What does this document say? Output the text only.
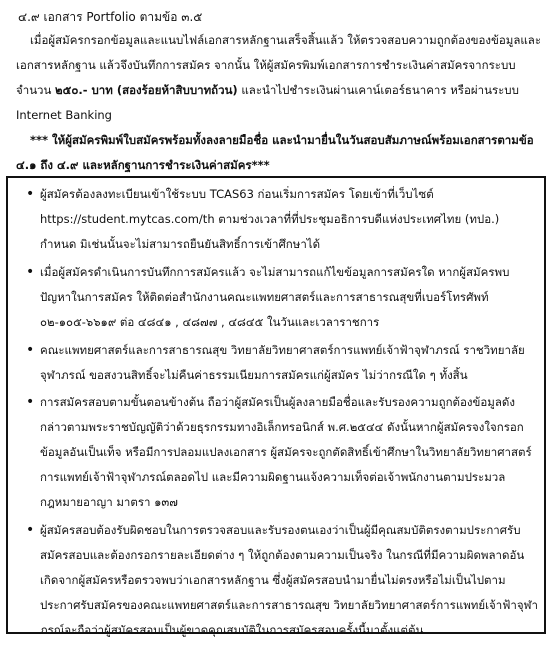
๔.๙ เอกสาร Portfolio ตามข้อ ๓.๕
เมื่อผู้สมัครกรอกข้อมูลและแนบไฟล์เอกสารหลักฐานเสร็จสิ้นแล้ว ให้ตรวจสอบความถูกต้องของข้อมูลและเอกสารหลักฐาน แล้วจึงบันทึกการสมัคร จากนั้น ให้ผู้สมัครพิมพ์เอกสารการชำระเงินค่าสมัครจากระบบจำนวน ๒๕๐.- บาท (สองร้อยห้าสิบบาทถ้วน) และนำไปชำระเงินผ่านเคาน์เตอร์ธนาคาร หรือผ่านระบบ Internet Banking
*** ให้ผู้สมัครพิมพ์ใบสมัครพร้อมทั้งลงลายมือชื่อ และนำมายื่นในวันสอบสัมภาษณ์พร้อมเอกสารตามข้อ ๔.๑ ถึง ๔.๙ และหลักฐานการชำระเงินค่าสมัคร***
• ผู้สมัครต้องลงทะเบียนเข้าใช้ระบบ TCAS63 ก่อนเริ่มการสมัคร โดยเข้าที่เว็บไซต์ https://student.mytcas.com/th ตามช่วงเวลาที่ที่ประชุมอธิการบดีแห่งประเทศไทย (ทปอ.) กำหนด มิเช่นนั้นจะไม่สามารถยืนยันสิทธิ์การเข้าศึกษาได้
• เมื่อผู้สมัครดำเนินการบันทึกการสมัครแล้ว จะไม่สามารถแก้ไขข้อมูลการสมัครใด หากผู้สมัครพบปัญหาในการสมัคร ให้ติดต่อสำนักงานคณะแพทยศาสตร์และการสาธารณสุขที่เบอร์โทรศัพท์ ๐๒-๑๐๕-๖๖๑๙ ต่อ ๔๘๔๑ , ๔๘๗๗ , ๔๘๔๕ ในวันและเวลาราชการ
• คณะแพทยศาสตร์และการสาธารณสุข วิทยาลัยวิทยาศาสตร์การแพทย์เจ้าฟ้าจุฬาภรณ์ ราชวิทยาลัยจุฬาภรณ์ ขอสงวนสิทธิ์จะไม่คืนค่าธรรมเนียมการสมัครแก่ผู้สมัคร ไม่ว่ากรณีใด ๆ ทั้งสิ้น
• การสมัครสอบตามขั้นตอนข้างต้น ถือว่าผู้สมัครเป็นผู้ลงลายมือชื่อและรับรองความถูกต้องข้อมูลดังกล่าวตามพระราชบัญญัติว่าด้วยธุรกรรมทางอิเล็กทรอนิกส์ พ.ศ.๒๕๔๔ ดังนั้นหากผู้สมัครจงใจกรอกข้อมูลอันเป็นเท็จ หรือมีการปลอมแปลงเอกสาร ผู้สมัครจะถูกตัดสิทธิ์เข้าศึกษาในวิทยาลัยวิทยาศาสตร์การแพทย์เจ้าฟ้าจุฬาภรณ์ตลอดไป และมีความผิดฐานแจ้งความเท็จต่อเจ้าพนักงานตามประมวลกฎหมายอาญา มาตรา ๑๓๗
• ผู้สมัครสอบต้องรับผิดชอบในการตรวจสอบและรับรองตนเองว่าเป็นผู้มีคุณสมบัติตรงตามประกาศรับสมัครสอบและต้องกรอกรายละเอียดต่าง ๆ ให้ถูกต้องตามความเป็นจริง ในกรณีที่มีความผิดพลาดอันเกิดจากผู้สมัครหรือตรวจพบว่าเอกสารหลักฐาน ซึ่งผู้สมัครสอบนำมายื่นไม่ตรงหรือไม่เป็นไปตามประกาศรับสมัครของคณะแพทยศาสตร์และการสาธารณสุข วิทยาลัยวิทยาศาสตร์การแพทย์เจ้าฟ้าจุฬาภรณ์จะถือว่าผู้สมัครสอบเป็นผู้ขาดคุณสมบัติในการสมัครสอบครั้งนี้มาตั้งแต่ต้น
